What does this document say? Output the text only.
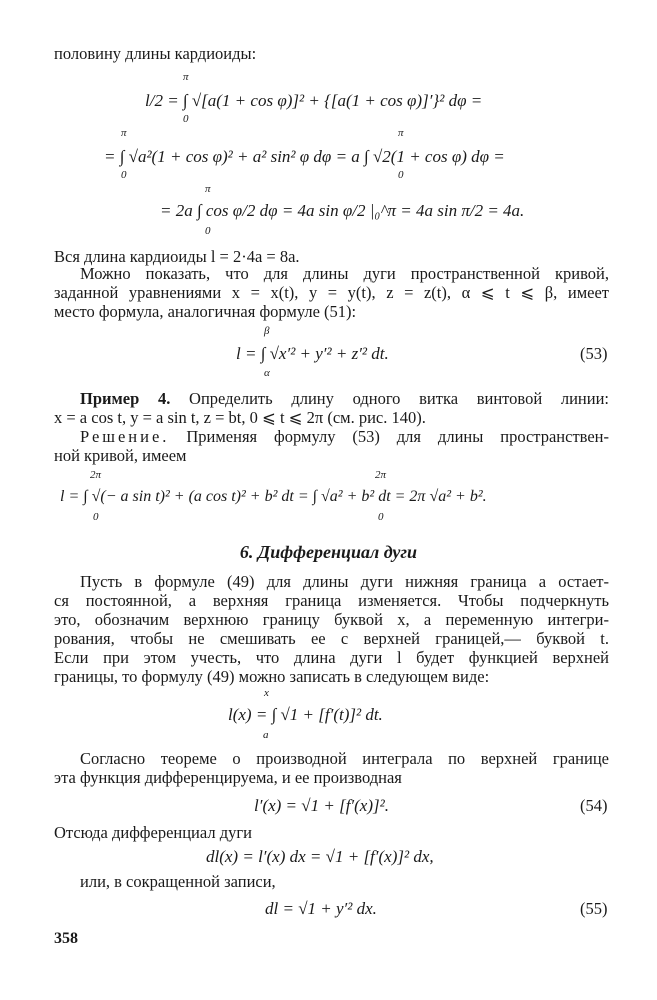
половину длины кардиоиды:
π
l/2 = ∫ √[a(1 + cos φ)]² + {[a(1 + cos φ)]′}² dφ =
0
π	π
= ∫ √a²(1 + cos φ)² + a² sin² φ dφ = a ∫ √2(1 + cos φ) dφ =
0	0
π
= 2a ∫ cos φ/2 dφ = 4a sin φ/2 |₀^π = 4a sin π/2 = 4a.
0
Вся длина кардиоиды l = 2·4a = 8a.
Можно показать, что для длины дуги пространственной кривой,
заданной уравнениями x = x(t), y = y(t), z = z(t), α ⩽ t ⩽ β, имеет
место формула, аналогичная формуле (51):
β
l = ∫ √x′² + y′² + z′² dt.
α
(53)
Пример 4. Определить длину одного витка винтовой линии:
x = a cos t, y = a sin t, z = bt, 0 ⩽ t ⩽ 2π (см. рис. 140).
Решение. Применяя формулу (53) для длины пространствен-
ной кривой, имеем
2π	2π
l = ∫ √(− a sin t)² + (a cos t)² + b² dt = ∫ √a² + b² dt = 2π √a² + b².
0	0
6. Дифференциал дуги
Пусть в формуле (49) для длины дуги нижняя граница a остает-
ся постоянной, а верхняя граница изменяется. Чтобы подчеркнуть
это, обозначим верхнюю границу буквой x, а переменную интегри-
рования, чтобы не смешивать ее с верхней границей,— буквой t.
Если при этом учесть, что длина дуги l будет функцией верхней
границы, то формулу (49) можно записать в следующем виде:
x
l(x) = ∫ √1 + [f′(t)]² dt.
a
Согласно теореме о производной интеграла по верхней границе
эта функция дифференцируема, и ее производная
l′(x) = √1 + [f′(x)]².	(54)
Отсюда дифференциал дуги
dl(x) = l′(x) dx = √1 + [f′(x)]² dx,
или, в сокращенной записи,
dl = √1 + y′² dx.	(55)
358
